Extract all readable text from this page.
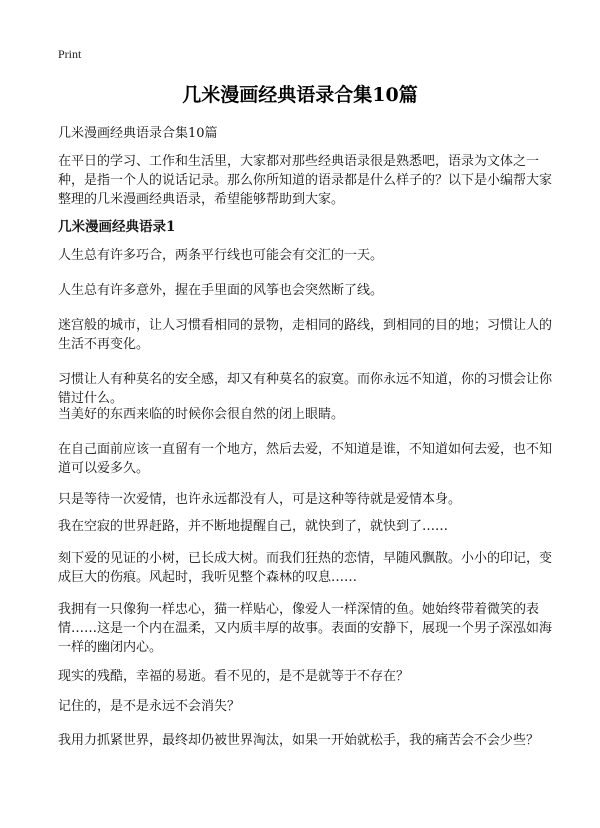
Print
几米漫画经典语录合集10篇
几米漫画经典语录合集10篇

在平日的学习、工作和生活里，大家都对那些经典语录很是熟悉吧，语录为文体之一种，是指一个人的说话记录。那么你所知道的语录都是什么样子的？以下是小编帮大家整理的几米漫画经典语录，希望能够帮助到大家。

几米漫画经典语录1

人生总有许多巧合，两条平行线也可能会有交汇的一天。

人生总有许多意外，握在手里面的风筝也会突然断了线。

迷宫般的城市，让人习惯看相同的景物，走相同的路线，到相同的目的地；习惯让人的生活不再变化。

习惯让人有种莫名的安全感，却又有种莫名的寂寞。而你永远不知道，你的习惯会让你错过什么。

当美好的东西来临的时候你会很自然的闭上眼睛。

在自己面前应该一直留有一个地方，然后去爱，不知道是谁，不知道如何去爱，也不知道可以爱多久。

只是等待一次爱情，也许永远都没有人，可是这种等待就是爱情本身。

我在空寂的世界赶路，并不断地提醒自己，就快到了，就快到了……

刻下爱的见证的小树，已长成大树。而我们狂热的恋情，早随风飘散。小小的印记，变成巨大的伤痕。风起时，我听见整个森林的叹息……

我拥有一只像狗一样忠心，猫一样贴心，像爱人一样深情的鱼。她始终带着微笑的表情……这是一个内在温柔，又内质丰厚的故事。表面的安静下，展现一个男子深泓如海一样的幽闭内心。

现实的残酷，幸福的易逝。看不见的，是不是就等于不存在？

记住的，是不是永远不会消失？

我用力抓紧世界，最终却仍被世界淘汰，如果一开始就松手，我的痛苦会不会少些？
